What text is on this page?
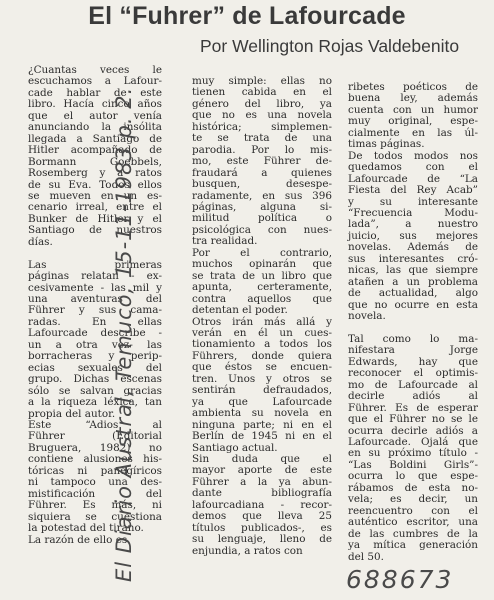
El “Fuhrer” de Lafourcade
Por Wellington Rojas Valdebenito
¿Cuantas veces le
escuchamos a Lafour-
cade hablar de este
libro. Hacía cinco años
que el autor venía
anunciando la insólita
llegada a Santiago de
Hitler acompañado de
Bormann Goebbels,
Rosemberg y a ratos
de su Eva. Todos ellos
se mueven en un es-
cenario irreal, entre el
Bunker de Hitler y el
Santiago de nuestros
días.
Las primeras
páginas relatan - ex-
cesivamente - las mil y
una aventuras del
Führer y sus cama-
radas. En ellas
Lafourcade describe -
un a otra vez- las
borracheras y perip-
ecias sexuales del
grupo. Dichas escenas
sólo se salvan gracias
a la riqueza léxica, tan
propia del autor.
Este “Adios al
Führer (Editorial
Bruguera, 1982) no
contiene alusiones his-
tóricas ni panegíricos
ni tampoco una des-
mistificación del
Führer. Es más, ni
siquiera se cuestiona
la potestad del tirano.
La razón de ello es
muy simple: ellas no
tienen cabida en el
género del libro, ya
que no es una novela
histórica; simplemen-
te se trata de una
parodia. Por lo mis-
mo, este Führer de-
fraudará a quienes
busquen, desespe-
radamente, en sus 396
páginas, alguna si-
militud política o
psicológica con nues-
tra realidad.
Por el contrario,
muchos opinarán que
se trata de un libro que
apunta, certeramente,
contra aquellos que
detentan el poder.
Otros irán más allá y
verán en él un cues-
tionamiento a todos los
Führers, donde quiera
que éstos se encuen-
tren. Unos y otros se
sentirán defraudados,
ya que Lafourcade
ambienta su novela en
ninguna parte; ni en el
Berlín de 1945 ni en el
Santiago actual.
Sin duda que el
mayor aporte de este
Führer a la ya abun-
dante bibliografía
lafourcadiana - recor-
demos que lleva 25
títulos publicados-, es
su lenguaje, lleno de
enjundia, a ratos con
ribetes poéticos de
buena ley, además
cuenta con un humor
muy original, espe-
cialmente en las úl-
timas páginas.
De todos modos nos
quedamos con el
Lafourcade de “La
Fiesta del Rey Acab”
y su interesante
“Frecuencia Modu-
lada”, a nuestro
juicio, sus mejores
novelas. Además de
sus interesantes cró-
nicas, las que siempre
atañen a un problema
de actualidad, algo
que no ocurre en esta
novela.
Tal como lo ma-
nifestara Jorge
Edwards, hay que
reconocer el optimis-
mo de Lafourcade al
decirle adiós al
Führer. Es de esperar
que el Führer no se le
ocurra decirle adiós a
Lafourcade. Ojalá que
en su próximo título -
“Las Boldini Girls”-
ocurra lo que espe-
rábamos de esta no-
vela; es decir, un
reencuentro con el
auténtico escritor, una
de las cumbres de la
ya mítica generación
del 50.
El Diario Austral, Temuco, 15-11-1983 p. 2.	688673
